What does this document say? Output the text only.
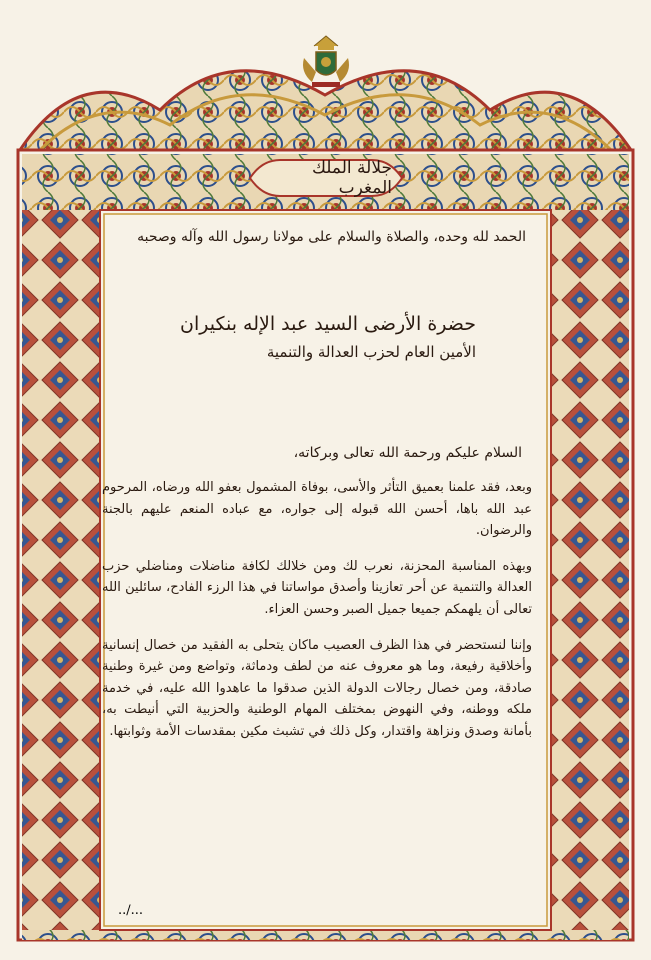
جلالة الملك المغرب
الحمد لله وحده، والصلاة والسلام على مولانا رسول الله وآله وصحبه
حضرة الأرضى السيد عبد الإله بنكيران
الأمين العام لحزب العدالة والتنمية
السلام عليكم ورحمة الله تعالى وبركاته،

وبعد، فقد علمنا بعميق التأثر والأسى، بوفاة المشمول بعفو الله ورضاه، المرحوم عبد الله باها، أحسن الله قبوله إلى جواره، مع عباده المنعم عليهم بالجنة والرضوان.

وبهذه المناسبة المحزنة، نعرب لك ومن خلالك لكافة مناضلات ومناضلي حزب العدالة والتنمية عن أحر تعازينا وأصدق مواساتنا في هذا الرزء الفادح، سائلين الله تعالى أن يلهمكم جميعا جميل الصبر وحسن العزاء.

وإننا لنستحضر في هذا الظرف العصيب ماكان يتحلى به الفقيد من خصال إنسانية وأخلاقية رفيعة، وما هو معروف عنه من لطف ودماثة، وتواضع ومن غيرة وطنية صادقة، ومن خصال رجالات الدولة الذين صدقوا ما عاهدوا الله عليه، في خدمة ملكه ووطنه، وفي النهوض بمختلف المهام الوطنية والحزبية التي أنيطت به، بأمانة وصدق ونزاهة واقتدار، وكل ذلك في تشبث مكين بمقدسات الأمة وثوابتها.

../...
